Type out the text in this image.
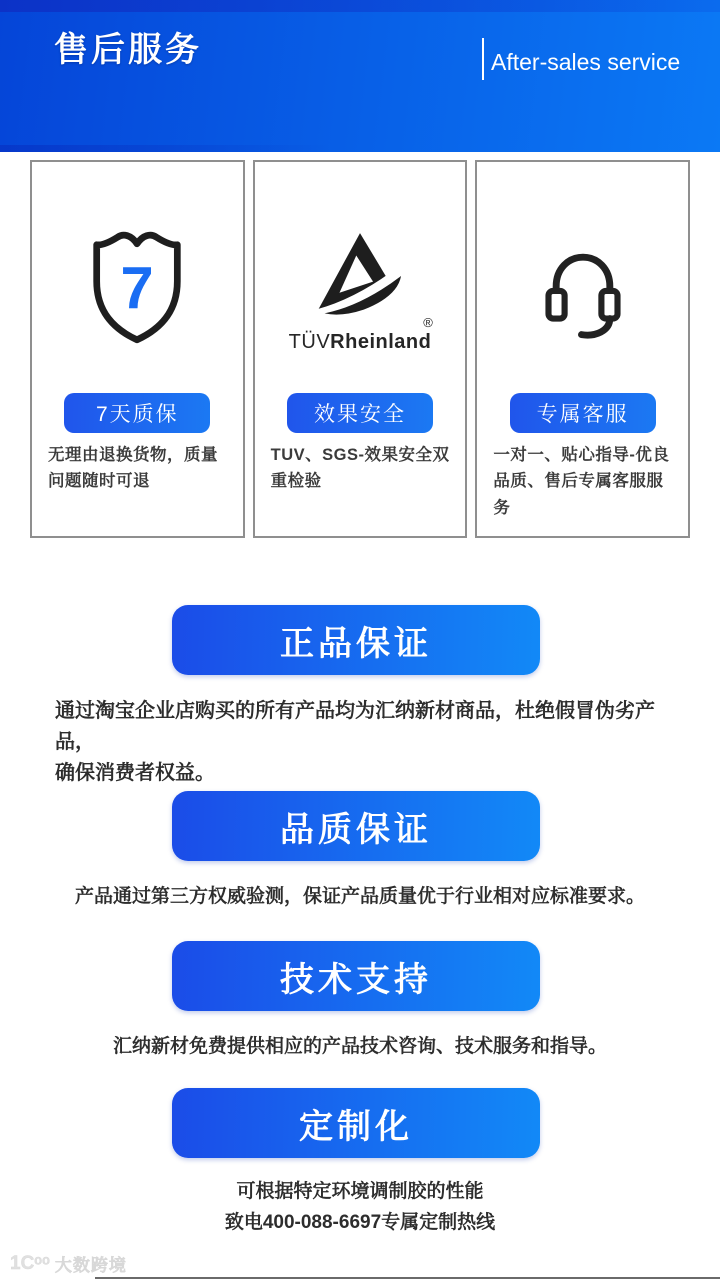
售后服务	After-sales service
7
7天质保
无理由退换货物，质量问题随时可退
TÜVRheinland
®
效果安全
TUV、SGS-效果安全双重检验
专属客服
一对一、贴心指导-优良品质、售后专属客服服务
正品保证
通过淘宝企业店购买的所有产品均为汇纳新材商品，杜绝假冒伪劣产品，
确保消费者权益。
品质保证
产品通过第三方权威验测，保证产品质量优于行业相对应标准要求。
技术支持
汇纳新材免费提供相应的产品技术咨询、技术服务和指导。
定制化
可根据特定环境调制胶的性能
致电400-088-6697专属定制热线
1Cᵒᵒ 大数跨境
